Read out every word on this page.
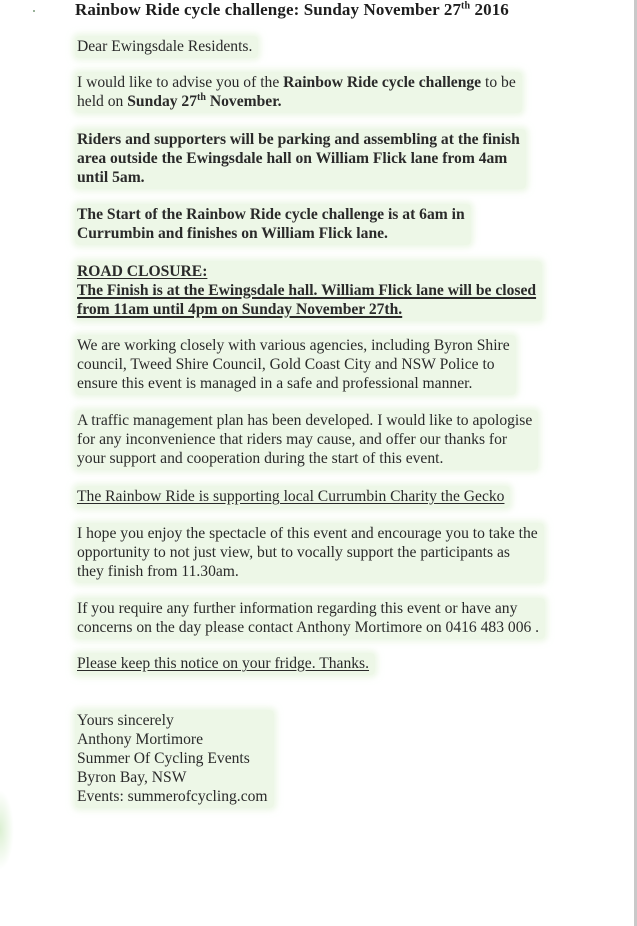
Rainbow Ride cycle challenge: Sunday November 27th 2016
Dear Ewingsdale Residents.
I would like to advise you of the Rainbow Ride cycle challenge to be
held on Sunday 27th November.
Riders and supporters will be parking and assembling at the finish
area outside the Ewingsdale hall on William Flick lane from 4am
until 5am.
The Start of the Rainbow Ride cycle challenge is at 6am in
Currumbin and finishes on William Flick lane.
ROAD CLOSURE:
The Finish is at the Ewingsdale hall. William Flick lane will be closed
from 11am until 4pm on Sunday November 27th.
We are working closely with various agencies, including Byron Shire
council, Tweed Shire Council, Gold Coast City and NSW Police to
ensure this event is managed in a safe and professional manner.
A traffic management plan has been developed. I would like to apologise
for any inconvenience that riders may cause, and offer our thanks for
your support and cooperation during the start of this event.
The Rainbow Ride is supporting local Currumbin Charity the Gecko
I hope you enjoy the spectacle of this event and encourage you to take the
opportunity to not just view, but to vocally support the participants as
they finish from 11.30am.
If you require any further information regarding this event or have any
concerns on the day please contact Anthony Mortimore on 0416 483 006 .
Please keep this notice on your fridge. Thanks.
Yours sincerely
Anthony Mortimore
Summer Of Cycling Events
Byron Bay, NSW
Events: summerofcycling.com
